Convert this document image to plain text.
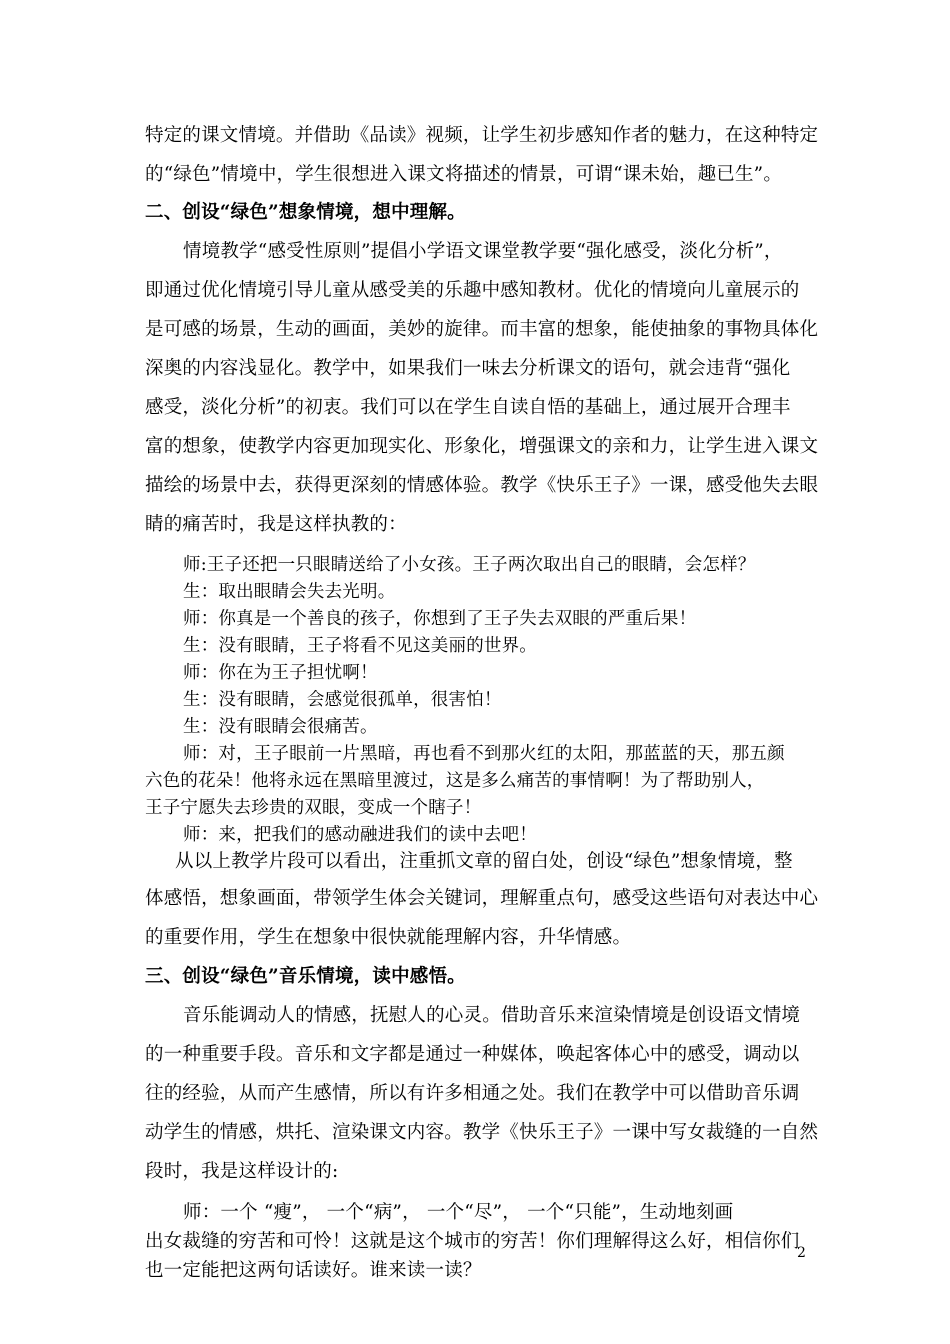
特定的课文情境。并借助《品读》视频，让学生初步感知作者的魅力，在这种特定
的“绿色”情境中，学生很想进入课文将描述的情景，可谓“课未始，趣已生”。
二、创设“绿色”想象情境，想中理解。
情境教学“感受性原则”提倡小学语文课堂教学要“强化感受，淡化分析”，
即通过优化情境引导儿童从感受美的乐趣中感知教材。优化的情境向儿童展示的
是可感的场景，生动的画面，美妙的旋律。而丰富的想象，能使抽象的事物具体化
深奥的内容浅显化。教学中，如果我们一味去分析课文的语句，就会违背“强化
感受，淡化分析”的初衷。我们可以在学生自读自悟的基础上，通过展开合理丰
富的想象，使教学内容更加现实化、形象化，增强课文的亲和力，让学生进入课文
描绘的场景中去，获得更深刻的情感体验。教学《快乐王子》一课，感受他失去眼
睛的痛苦时，我是这样执教的：
师:王子还把一只眼睛送给了小女孩。王子两次取出自己的眼睛，会怎样？
生：取出眼睛会失去光明。
师：你真是一个善良的孩子，你想到了王子失去双眼的严重后果！
生：没有眼睛，王子将看不见这美丽的世界。
师：你在为王子担忧啊！
生：没有眼睛，会感觉很孤单，很害怕！
生：没有眼睛会很痛苦。
师：对，王子眼前一片黑暗，再也看不到那火红的太阳，那蓝蓝的天，那五颜
六色的花朵！他将永远在黑暗里渡过，这是多么痛苦的事情啊！为了帮助别人，
王子宁愿失去珍贵的双眼，变成一个瞎子！
师：来，把我们的感动融进我们的读中去吧！
从以上教学片段可以看出，注重抓文章的留白处，创设“绿色”想象情境，整
体感悟，想象画面，带领学生体会关键词，理解重点句，感受这些语句对表达中心
的重要作用，学生在想象中很快就能理解内容，升华情感。
三、创设“绿色”音乐情境，读中感悟。
音乐能调动人的情感，抚慰人的心灵。借助音乐来渲染情境是创设语文情境
的一种重要手段。音乐和文字都是通过一种媒体，唤起客体心中的感受，调动以
往的经验，从而产生感情，所以有许多相通之处。我们在教学中可以借助音乐调
动学生的情感，烘托、渲染课文内容。教学《快乐王子》一课中写女裁缝的一自然
段时，我是这样设计的:
师：一个 “瘦”， 一个“病”， 一个“尽”， 一个“只能”，生动地刻画
出女裁缝的穷苦和可怜！这就是这个城市的穷苦！你们理解得这么好，相信你们
也一定能把这两句话读好。谁来读一读？
2
